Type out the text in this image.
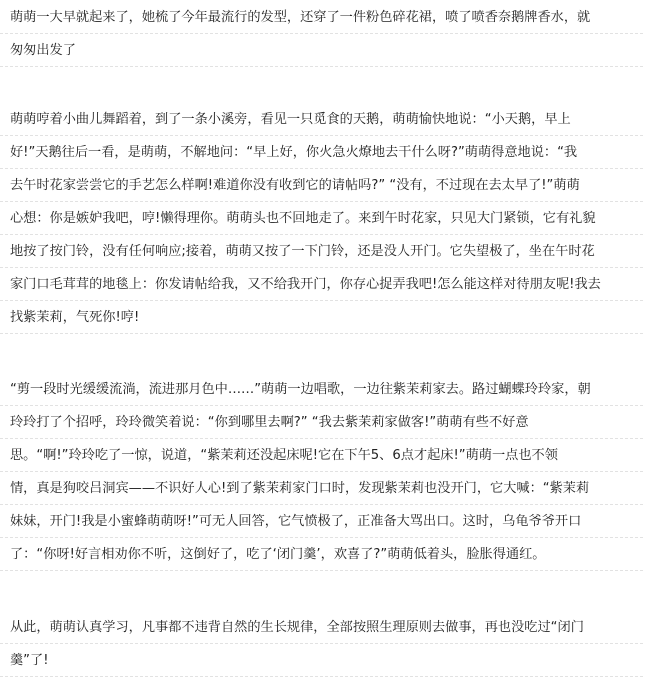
萌萌一大早就起来了，她梳了今年最流行的发型，还穿了一件粉色碎花裙，喷了喷香奈鹅牌香水，就
匆匆出发了
萌萌哼着小曲儿舞蹈着，到了一条小溪旁，看见一只觅食的天鹅，萌萌愉快地说：“小天鹅，早上
好!”天鹅往后一看，是萌萌，不解地问：“早上好，你火急火燎地去干什么呀?”萌萌得意地说：“我
去午时花家尝尝它的手艺怎么样啊!难道你没有收到它的请帖吗?” “没有，不过现在去太早了!”萌萌
心想：你是嫉妒我吧，哼!懒得理你。萌萌头也不回地走了。来到午时花家，只见大门紧锁，它有礼貌
地按了按门铃，没有任何响应;接着，萌萌又按了一下门铃，还是没人开门。它失望极了，坐在午时花
家门口毛茸茸的地毯上：你发请帖给我，又不给我开门，你存心捉弄我吧!怎么能这样对待朋友呢!我去
找紫茉莉，气死你!哼!
“剪一段时光缓缓流淌，流进那月色中……”萌萌一边唱歌，一边往紫茉莉家去。路过蝴蝶玲玲家，朝
玲玲打了个招呼，玲玲微笑着说：“你到哪里去啊?” “我去紫茉莉家做客!”萌萌有些不好意
思。“啊!”玲玲吃了一惊，说道，“紫茉莉还没起床呢!它在下午5、6点才起床!”萌萌一点也不领
情，真是狗咬吕洞宾——不识好人心!到了紫茉莉家门口时，发现紫茉莉也没开门，它大喊：“紫茉莉
妹妹，开门!我是小蜜蜂萌萌呀!”可无人回答，它气愤极了，正准备大骂出口。这时，乌龟爷爷开口
了：“你呀!好言相劝你不听，这倒好了，吃了‘闭门羹’，欢喜了?”萌萌低着头，脸胀得通红。
从此，萌萌认真学习，凡事都不违背自然的生长规律，全部按照生理原则去做事，再也没吃过“闭门
羹”了!
